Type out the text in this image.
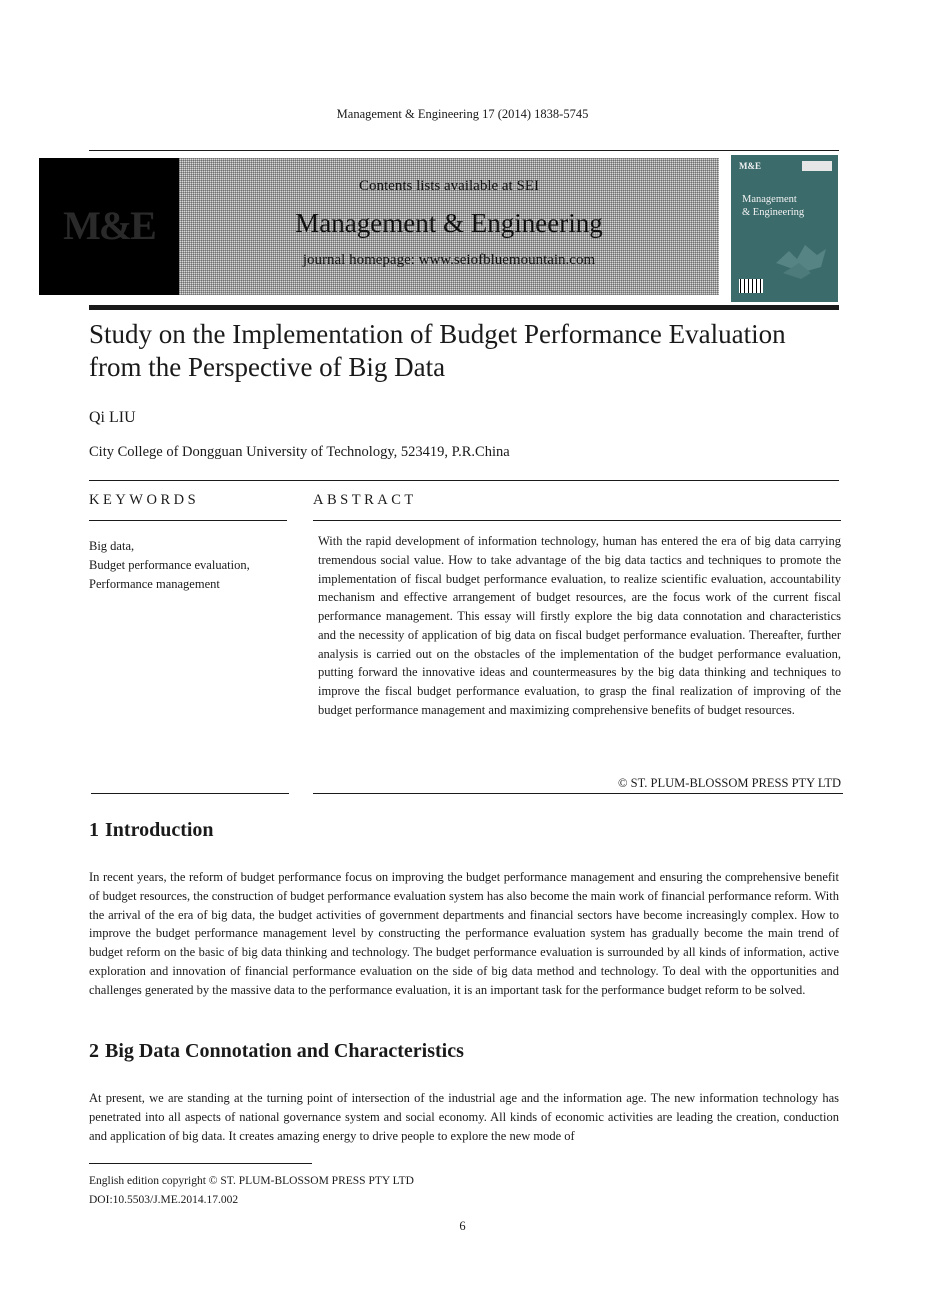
Management & Engineering 17 (2014) 1838-5745
M&E
Contents lists available at SEI
Management & Engineering
journal homepage: www.seiofbluemountain.com
M&E
Management
& Engineering
Study on the Implementation of Budget Performance Evaluation from the Perspective of Big Data
Qi LIU
City College of Dongguan University of Technology, 523419, P.R.China
KEYWORDS	ABSTRACT
Big data,
Budget performance evaluation,
Performance management
With the rapid development of information technology, human has entered the era of big data carrying tremendous social value. How to take advantage of the big data tactics and techniques to promote the implementation of fiscal budget performance evaluation, to realize scientific evaluation, accountability mechanism and effective arrangement of budget resources, are the focus work of the current fiscal performance management. This essay will firstly explore the big data connotation and characteristics and the necessity of application of big data on fiscal budget performance evaluation. Thereafter, further analysis is carried out on the obstacles of the implementation of the budget performance evaluation, putting forward the innovative ideas and countermeasures by the big data thinking and techniques to improve the fiscal budget performance evaluation, to grasp the final realization of improving of the budget performance management and maximizing comprehensive benefits of budget resources.
© ST. PLUM-BLOSSOM PRESS PTY LTD
1 Introduction
In recent years, the reform of budget performance focus on improving the budget performance management and ensuring the comprehensive benefit of budget resources, the construction of budget performance evaluation system has also become the main work of financial performance reform. With the arrival of the era of big data, the budget activities of government departments and financial sectors have become increasingly complex. How to improve the budget performance management level by constructing the performance evaluation system has gradually become the main trend of budget reform on the basic of big data thinking and technology. The budget performance evaluation is surrounded by all kinds of information, active exploration and innovation of financial performance evaluation on the side of big data method and technology. To deal with the opportunities and challenges generated by the massive data to the performance evaluation, it is an important task for the performance budget reform to be solved.
2 Big Data Connotation and Characteristics
At present, we are standing at the turning point of intersection of the industrial age and the information age. The new information technology has penetrated into all aspects of national governance system and social economy. All kinds of economic activities are leading the creation, conduction and application of big data. It creates amazing energy to drive people to explore the new mode of
English edition copyright © ST. PLUM-BLOSSOM PRESS PTY LTD
DOI:10.5503/J.ME.2014.17.002
6
